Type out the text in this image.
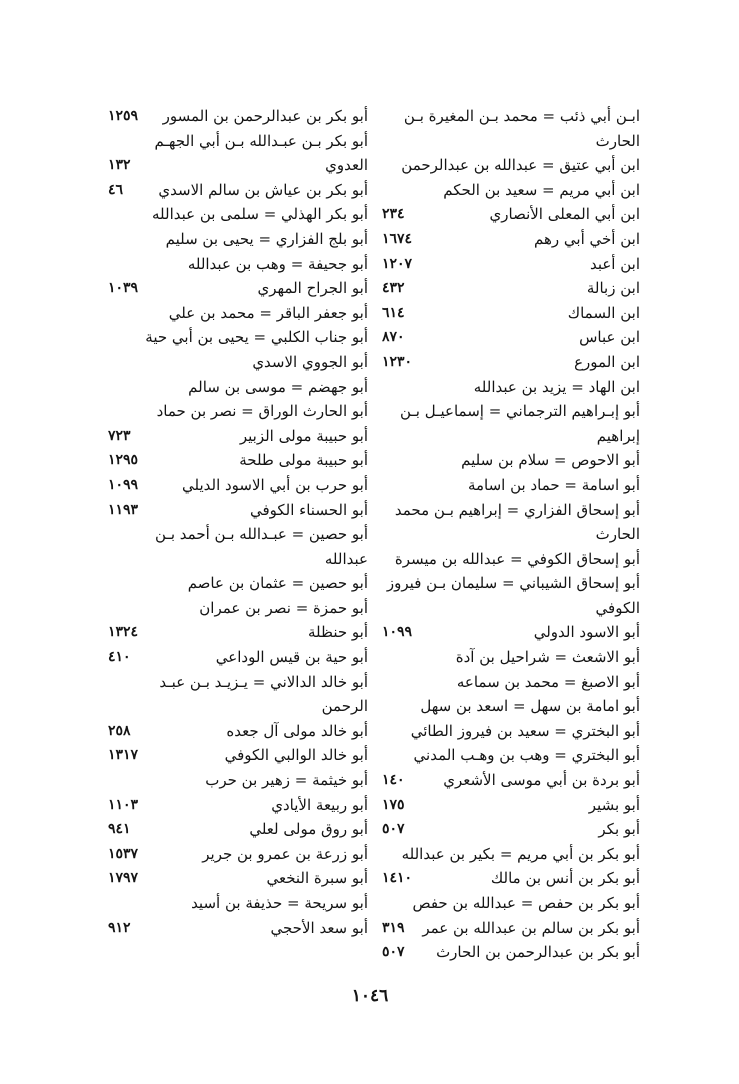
ابـن أبي ذئب = محمد بـن المغيرة بـن
الحارث
ابن أبي عتيق = عبدالله بن عبدالرحمن
ابن أبي مريم = سعيد بن الحكم
ابن أبي المعلى الأنصاري
٢٣٤
ابن أخي أبي رهم
١٦٧٤
ابن أعبد
١٢٠٧
ابن زبالة
٤٣٢
ابن السماك
٦١٤
ابن عباس
٨٧٠
ابن المورع
١٢٣٠
ابن الهاد = يزيد بن عبدالله
أبو إبـراهيم الترجماني = إسماعيـل بـن
إبراهيم
أبو الاحوص = سلام بن سليم
أبو اسامة = حماد بن اسامة
أبو إسحاق الفزاري = إبراهيم بـن محمد
الحارث
أبو إسحاق الكوفي = عبدالله بن ميسرة
أبو إسحاق الشيباني = سليمان بـن فيروز
الكوفي
أبو الاسود الدولي
١٠٩٩
أبو الاشعث = شراحيل بن آدة
أبو الاصبغ = محمد بن سماعه
أبو امامة بن سهل = اسعد بن سهل
أبو البختري = سعيد بن فيروز الطائي
أبو البختري = وهب بن وهـب المدني
أبو بردة بن أبي موسى الأشعري
١٤٠
أبو بشير
١٧٥
أبو بكر
٥٠٧
أبو بكر بن أبي مريم = بكير بن عبدالله
أبو بكر بن أنس بن مالك
١٤١٠
أبو بكر بن حفص = عبدالله بن حفص
أبو بكر بن سالم بن عبدالله بن عمر
٣١٩
أبو بكر بن عبدالرحمن بن الحارث
٥٠٧
أبو بكر بن عبدالرحمن بن المسور
١٢٥٩
أبو بكر بـن عبـدالله بـن أبي الجهـم
العدوي
١٣٢
أبو بكر بن عياش بن سالم الاسدي
٤٦
أبو بكر الهذلي = سلمى بن عبدالله
أبو بلج الفزاري = يحيى بن سليم
أبو جحيفة = وهب بن عبدالله
أبو الجراح المهري
١٠٣٩
أبو جعفر الباقر = محمد بن علي
أبو جناب الكلبي = يحيى بن أبي حية
أبو الجووي الاسدي
أبو جهضم = موسى بن سالم
أبو الحارث الوراق = نصر بن حماد
أبو حبيبة مولى الزبير
٧٢٣
أبو حبيبة مولى طلحة
١٢٩٥
أبو حرب بن أبي الاسود الديلي
١٠٩٩
أبو الحسناء الكوفي
١١٩٣
أبو حصين = عبـدالله بـن أحمد بـن
عبدالله
أبو حصين = عثمان بن عاصم
أبو حمزة = نصر بن عمران
أبو حنظلة
١٣٢٤
أبو حية بن قيس الوداعي
٤١٠
أبو خالد الدالاني = يـزيـد بـن عبـد
الرحمن
أبو خالد مولى آل جعده
٢٥٨
أبو خالد الوالبي الكوفي
١٣١٧
أبو خيثمة = زهير بن حرب
أبو ربيعة الأيادي
١١٠٣
أبو روق مولى لعلي
٩٤١
أبو زرعة بن عمرو بن جرير
١٥٣٧
أبو سبرة النخعي
١٧٩٧
أبو سريحة = حذيفة بن أسيد
أبو سعد الأحجي
٩١٢
١٠٤٦
